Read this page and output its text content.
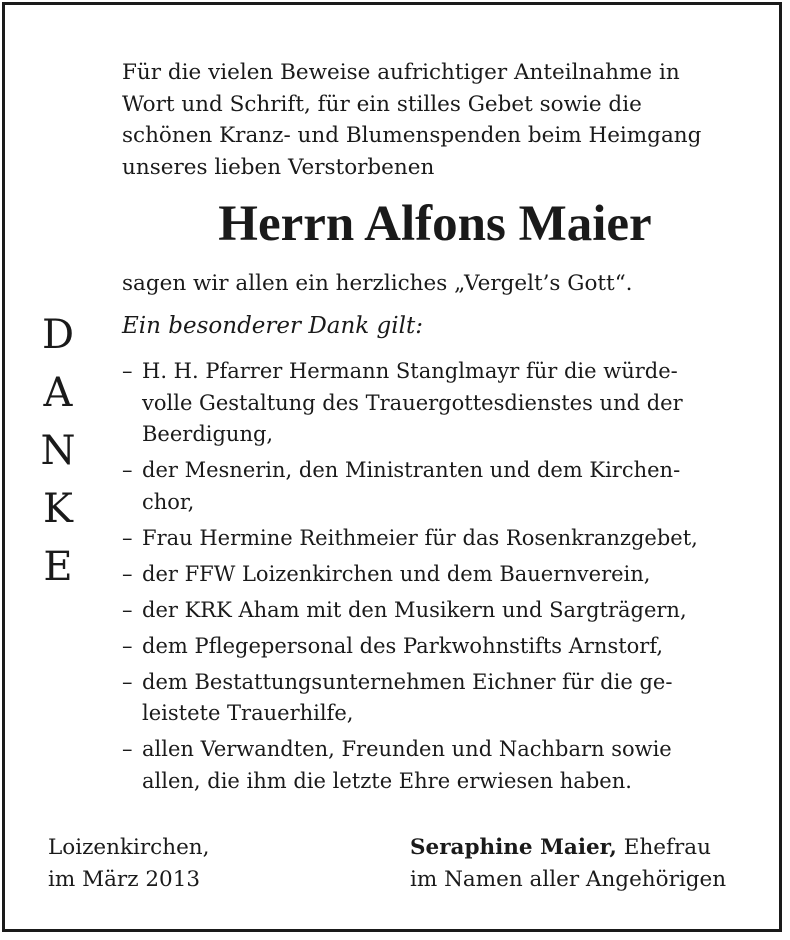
Für die vielen Beweise aufrichtiger Anteilnahme in
Wort und Schrift, für ein stilles Gebet sowie die
schönen Kranz- und Blumenspenden beim Heimgang
unseres lieben Verstorbenen

Herrn Alfons Maier

sagen wir allen ein herzliches „Vergelt’s Gott“.

D
A
N
K
E

Ein besonderer Dank gilt:

– H. H. Pfarrer Hermann Stanglmayr für die würde-
volle Gestaltung des Trauergottesdienstes und der
Beerdigung,
– der Mesnerin, den Ministranten und dem Kirchen-
chor,
– Frau Hermine Reithmeier für das Rosenkranzgebet,
– der FFW Loizenkirchen und dem Bauernverein,
– der KRK Aham mit den Musikern und Sargträgern,
– dem Pflegepersonal des Parkwohnstifts Arnstorf,
– dem Bestattungsunternehmen Eichner für die ge-
leistete Trauerhilfe,
– allen Verwandten, Freunden und Nachbarn sowie
allen, die ihm die letzte Ehre erwiesen haben.

Loizenkirchen,
im März 2013

Seraphine Maier, Ehefrau
im Namen aller Angehörigen
